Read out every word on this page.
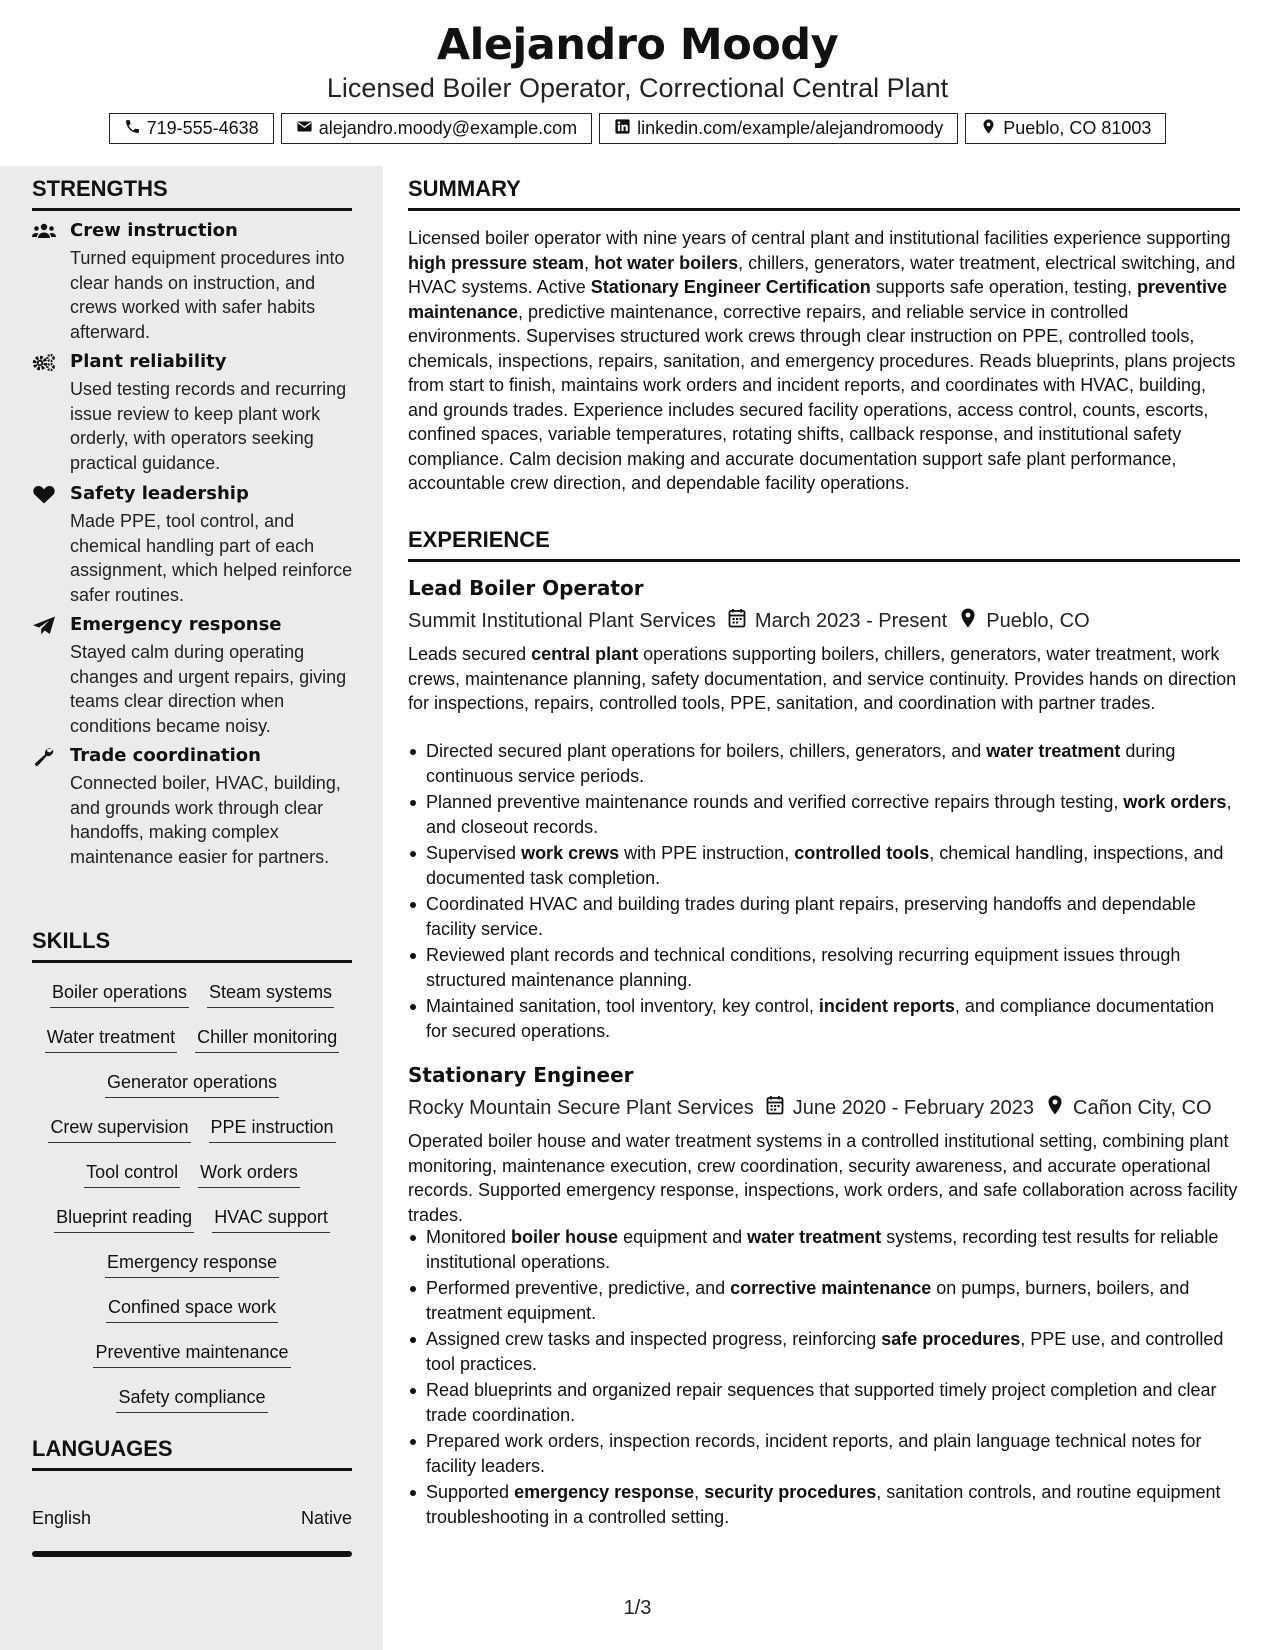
Alejandro Moody
Licensed Boiler Operator, Correctional Central Plant
719-555-4638	alejandro.moody@example.com	linkedin.com/example/alejandromoody	Pueblo, CO 81003
STRENGTHS
Crew instruction
Turned equipment procedures into clear hands on instruction, and crews worked with safer habits afterward.
Plant reliability
Used testing records and recurring issue review to keep plant work orderly, with operators seeking practical guidance.
Safety leadership
Made PPE, tool control, and chemical handling part of each assignment, which helped reinforce safer routines.
Emergency response
Stayed calm during operating changes and urgent repairs, giving teams clear direction when conditions became noisy.
Trade coordination
Connected boiler, HVAC, building, and grounds work through clear handoffs, making complex maintenance easier for partners.
SKILLS
Boiler operations Steam systems
Water treatment Chiller monitoring
Generator operations
Crew supervision PPE instruction
Tool control Work orders
Blueprint reading HVAC support
Emergency response
Confined space work
Preventive maintenance
Safety compliance
LANGUAGES
English	Native
SUMMARY
Licensed boiler operator with nine years of central plant and institutional facilities experience supporting high pressure steam, hot water boilers, chillers, generators, water treatment, electrical switching, and HVAC systems. Active Stationary Engineer Certification supports safe operation, testing, preventive maintenance, predictive maintenance, corrective repairs, and reliable service in controlled environments. Supervises structured work crews through clear instruction on PPE, controlled tools, chemicals, inspections, repairs, sanitation, and emergency procedures. Reads blueprints, plans projects from start to finish, maintains work orders and incident reports, and coordinates with HVAC, building, and grounds trades. Experience includes secured facility operations, access control, counts, escorts, confined spaces, variable temperatures, rotating shifts, callback response, and institutional safety compliance. Calm decision making and accurate documentation support safe plant performance, accountable crew direction, and dependable facility operations.
EXPERIENCE
Lead Boiler Operator
Summit Institutional Plant Services March 2023 - Present Pueblo, CO
Leads secured central plant operations supporting boilers, chillers, generators, water treatment, work crews, maintenance planning, safety documentation, and service continuity. Provides hands on direction for inspections, repairs, controlled tools, PPE, sanitation, and coordination with partner trades.
Directed secured plant operations for boilers, chillers, generators, and water treatment during continuous service periods.
Planned preventive maintenance rounds and verified corrective repairs through testing, work orders, and closeout records.
Supervised work crews with PPE instruction, controlled tools, chemical handling, inspections, and documented task completion.
Coordinated HVAC and building trades during plant repairs, preserving handoffs and dependable facility service.
Reviewed plant records and technical conditions, resolving recurring equipment issues through structured maintenance planning.
Maintained sanitation, tool inventory, key control, incident reports, and compliance documentation for secured operations.
Stationary Engineer
Rocky Mountain Secure Plant Services June 2020 - February 2023 Cañon City, CO
Operated boiler house and water treatment systems in a controlled institutional setting, combining plant monitoring, maintenance execution, crew coordination, security awareness, and accurate operational records. Supported emergency response, inspections, work orders, and safe collaboration across facility trades.
Monitored boiler house equipment and water treatment systems, recording test results for reliable institutional operations.
Performed preventive, predictive, and corrective maintenance on pumps, burners, boilers, and treatment equipment.
Assigned crew tasks and inspected progress, reinforcing safe procedures, PPE use, and controlled tool practices.
Read blueprints and organized repair sequences that supported timely project completion and clear trade coordination.
Prepared work orders, inspection records, incident reports, and plain language technical notes for facility leaders.
Supported emergency response, security procedures, sanitation controls, and routine equipment troubleshooting in a controlled setting.
1/3
